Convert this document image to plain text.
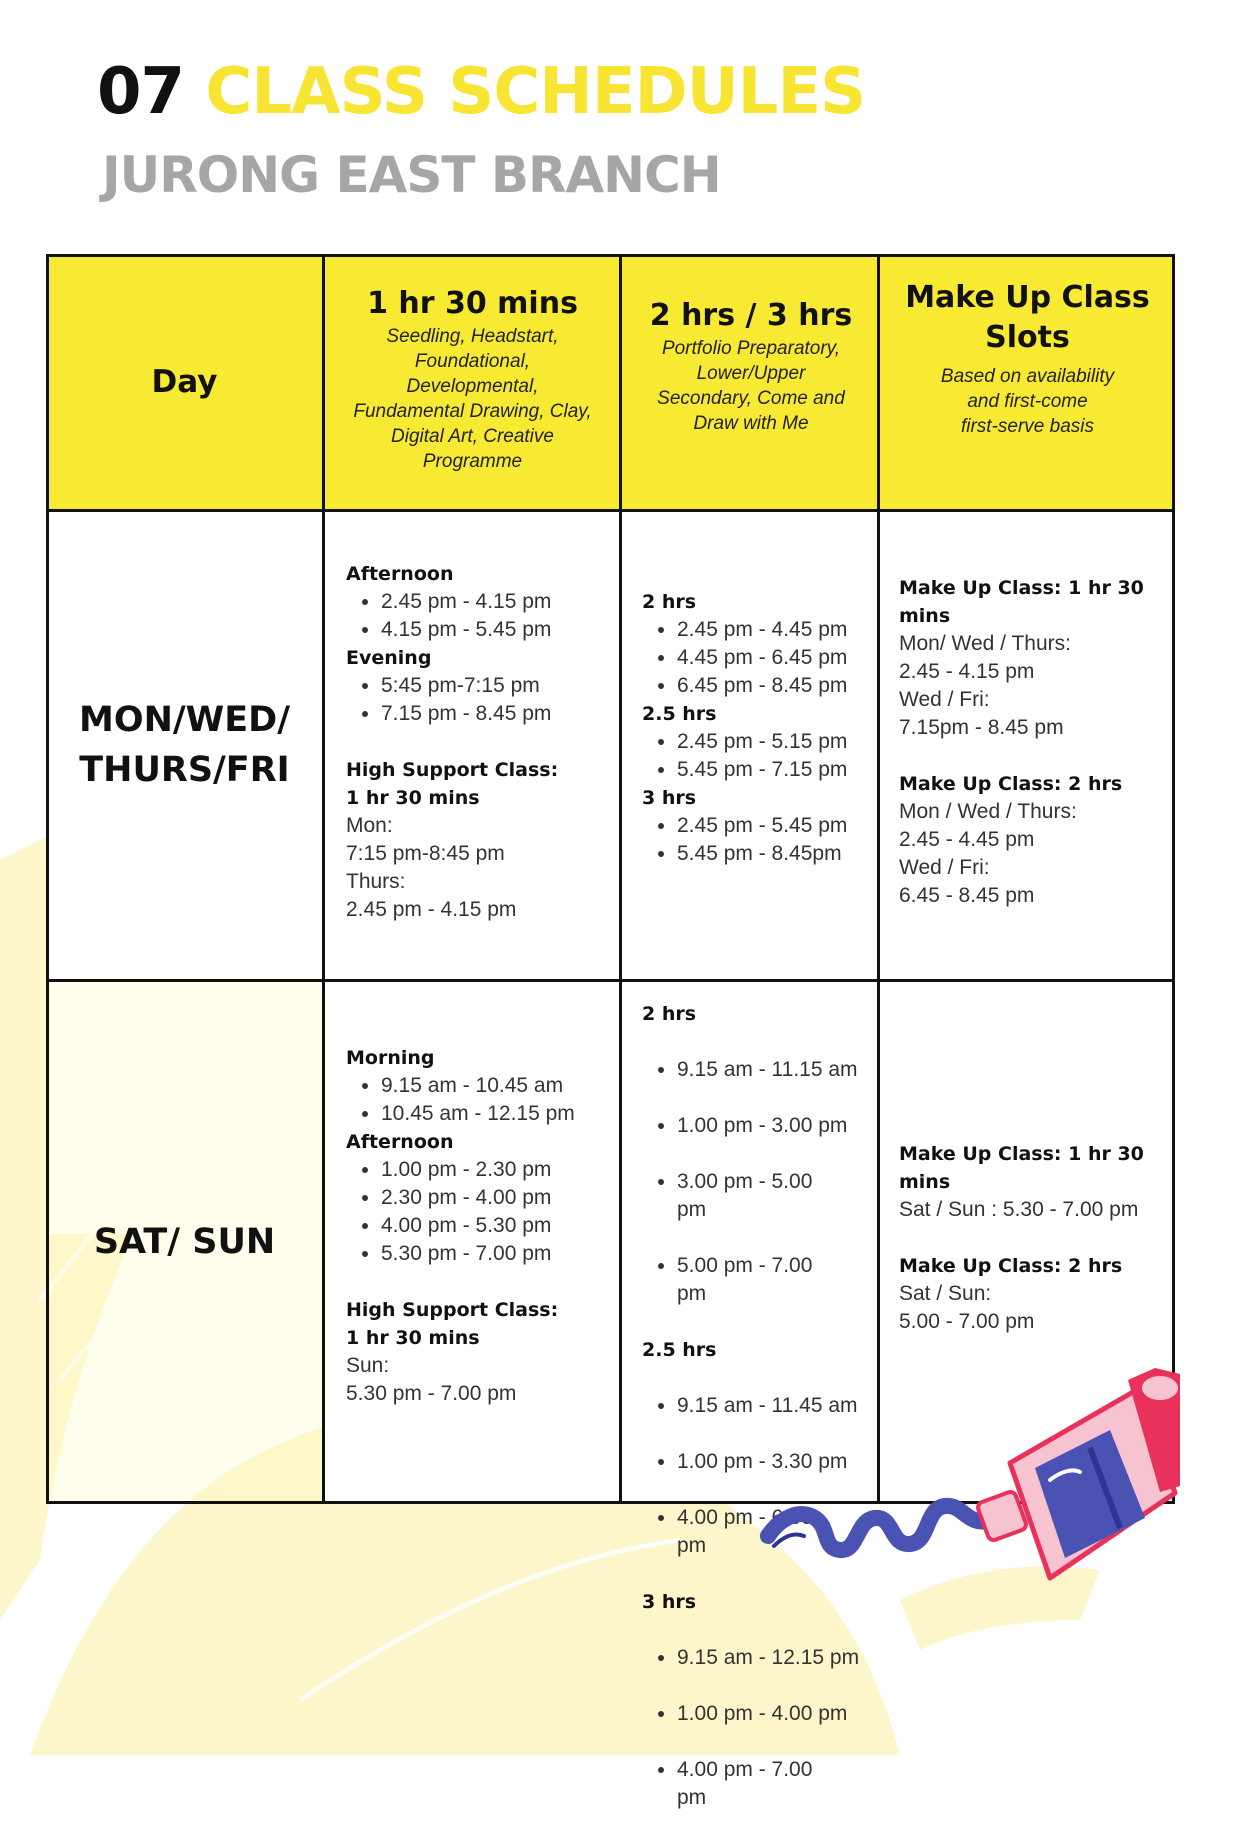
07 CLASS SCHEDULES
JURONG EAST BRANCH
Day
1 hr 30 mins
Seedling, Headstart,
Foundational,
Developmental,
Fundamental Drawing, Clay,
Digital Art, Creative
Programme
2 hrs / 3 hrs
Portfolio Preparatory,
Lower/Upper
Secondary, Come and
Draw with Me
Make Up Class
Slots
Based on availability
and first-come
first-serve basis
MON/WED/
THURS/FRI
Afternoon
• 2.45 pm - 4.15 pm
• 4.15 pm - 5.45 pm
Evening
• 5:45 pm-7:15 pm
• 7.15 pm - 8.45 pm
High Support Class:
1 hr 30 mins
Mon:
7:15 pm-8:45 pm
Thurs:
2.45 pm - 4.15 pm
2 hrs
• 2.45 pm - 4.45 pm
• 4.45 pm - 6.45 pm
• 6.45 pm - 8.45 pm
2.5 hrs
• 2.45 pm - 5.15 pm
• 5.45 pm - 7.15 pm
3 hrs
• 2.45 pm - 5.45 pm
• 5.45 pm - 8.45pm
Make Up Class: 1 hr 30
mins
Mon/ Wed / Thurs:
2.45 - 4.15 pm
Wed / Fri:
7.15pm - 8.45 pm
Make Up Class: 2 hrs
Mon / Wed / Thurs:
2.45 - 4.45 pm
Wed / Fri:
6.45 - 8.45 pm
SAT/ SUN
Morning
• 9.15 am - 10.45 am
• 10.45 am - 12.15 pm
Afternoon
• 1.00 pm - 2.30 pm
• 2.30 pm - 4.00 pm
• 4.00 pm - 5.30 pm
• 5.30 pm - 7.00 pm
High Support Class:
1 hr 30 mins
Sun:
5.30 pm - 7.00 pm
2 hrs

• 9.15 am - 11.15 am

• 1.00 pm - 3.00 pm

• 3.00 pm - 5.00
pm

• 5.00 pm - 7.00
pm

2.5 hrs

• 9.15 am - 11.45 am

• 1.00 pm - 3.30 pm

• 4.00 pm - 6.30
pm

3 hrs

• 9.15 am - 12.15 pm

• 1.00 pm - 4.00 pm

• 4.00 pm - 7.00
pm

Make Up Class: 1 hr 30
mins
Sat / Sun : 5.30 - 7.00 pm
Make Up Class: 2 hrs
Sat / Sun:
5.00 - 7.00 pm
